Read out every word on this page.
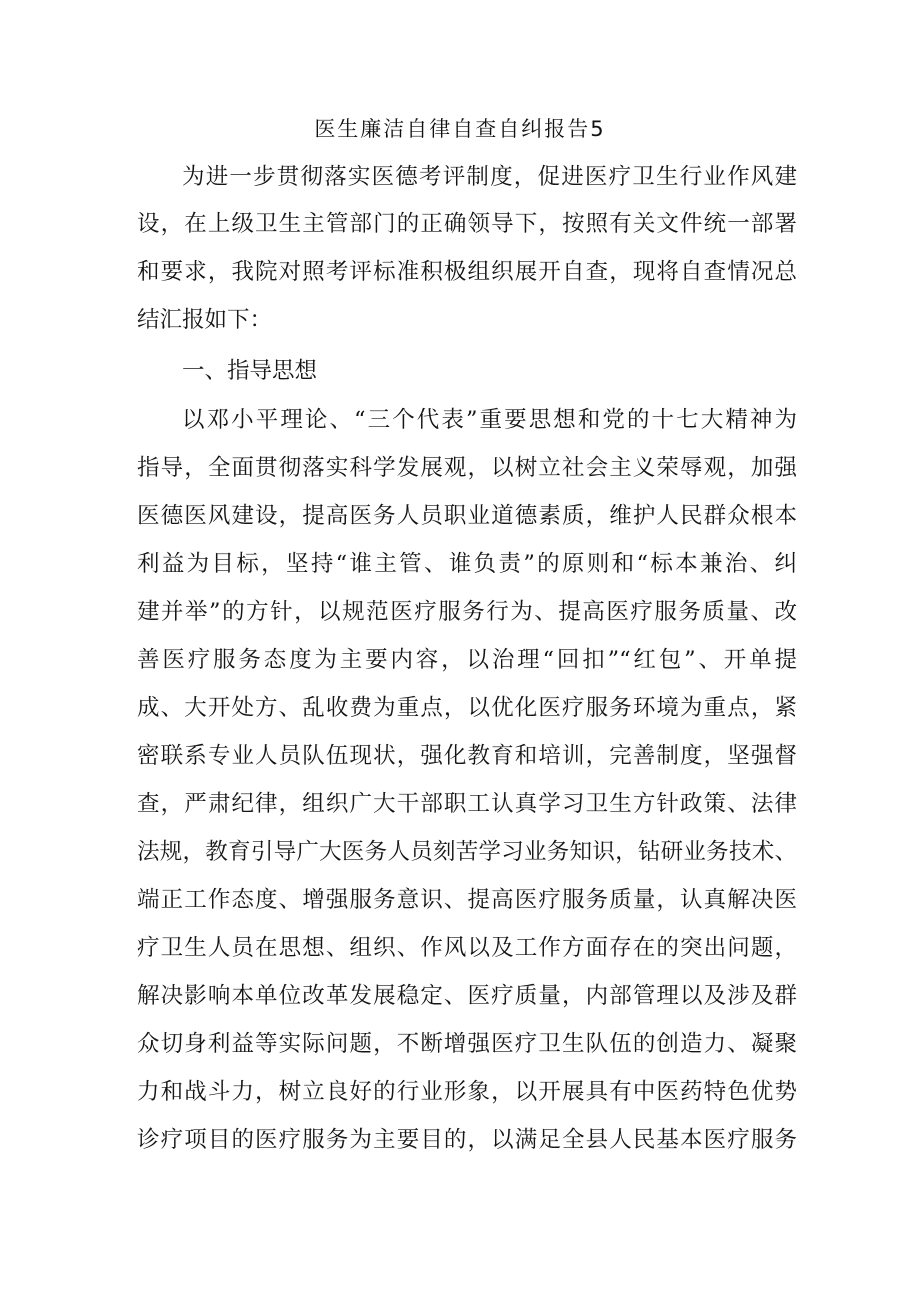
医生廉洁自律自查自纠报告5
为进一步贯彻落实医德考评制度，促进医疗卫生行业作风建
设，在上级卫生主管部门的正确领导下，按照有关文件统一部署
和要求，我院对照考评标准积极组织展开自查，现将自查情况总
结汇报如下：
一、指导思想
以邓小平理论、“三个代表”重要思想和党的十七大精神为
指导，全面贯彻落实科学发展观，以树立社会主义荣辱观，加强
医德医风建设，提高医务人员职业道德素质，维护人民群众根本
利益为目标，坚持“谁主管、谁负责”的原则和“标本兼治、纠
建并举”的方针，以规范医疗服务行为、提高医疗服务质量、改
善医疗服务态度为主要内容，以治理“回扣”“红包”、开单提
成、大开处方、乱收费为重点，以优化医疗服务环境为重点，紧
密联系专业人员队伍现状，强化教育和培训，完善制度，坚强督
查，严肃纪律，组织广大干部职工认真学习卫生方针政策、法律
法规，教育引导广大医务人员刻苦学习业务知识，钻研业务技术、
端正工作态度、增强服务意识、提高医疗服务质量，认真解决医
疗卫生人员在思想、组织、作风以及工作方面存在的突出问题，
解决影响本单位改革发展稳定、医疗质量，内部管理以及涉及群
众切身利益等实际问题，不断增强医疗卫生队伍的创造力、凝聚
力和战斗力，树立良好的行业形象，以开展具有中医药特色优势
诊疗项目的医疗服务为主要目的，以满足全县人民基本医疗服务
